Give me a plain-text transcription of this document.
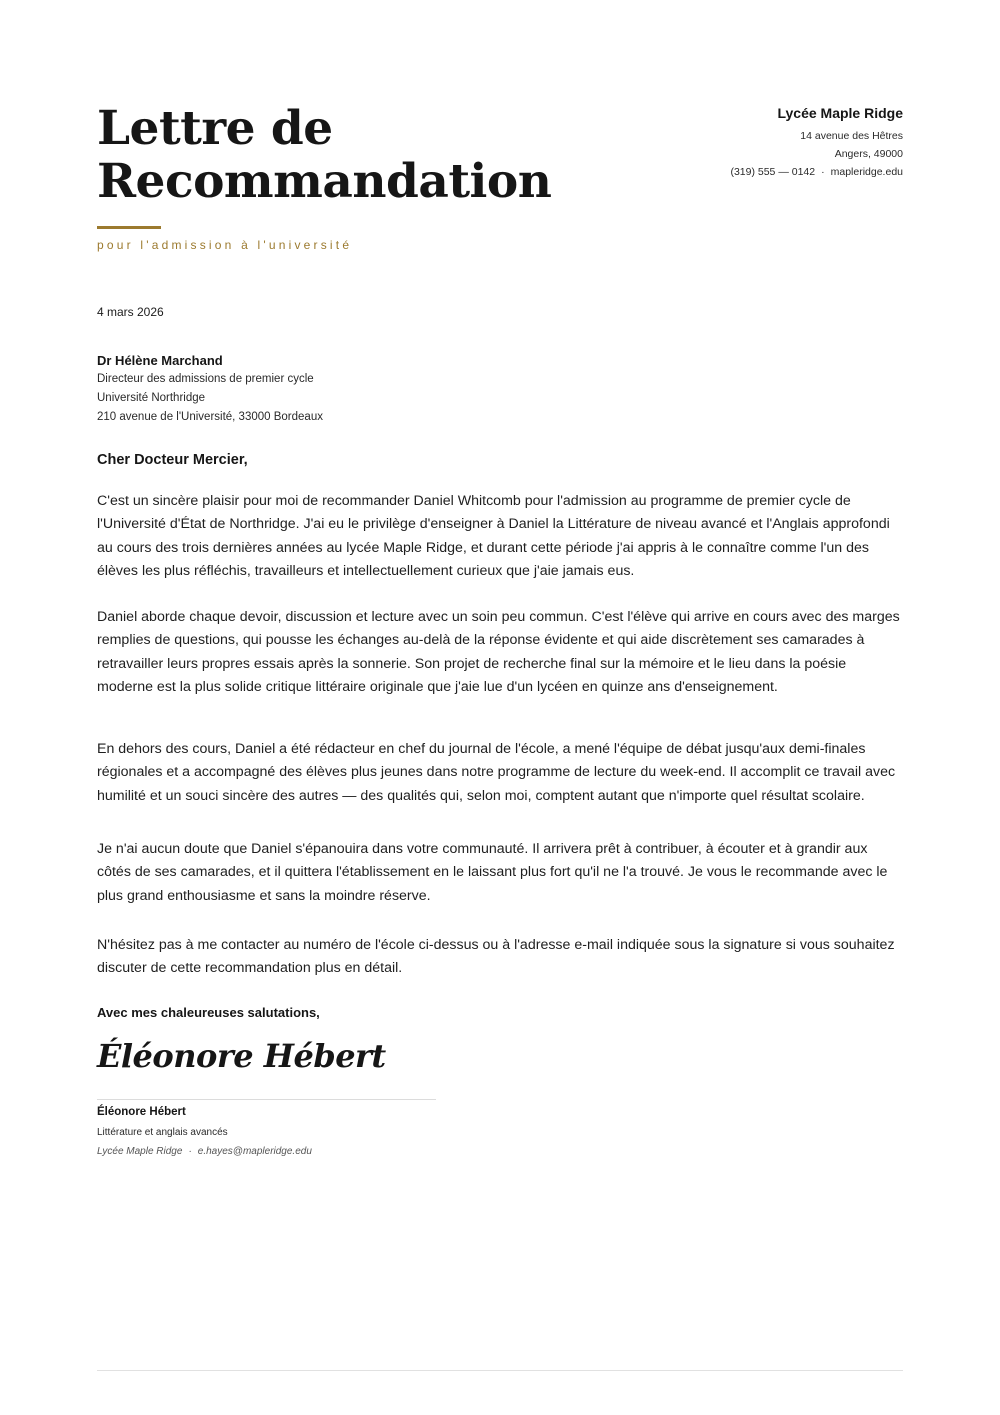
Lettre de
Recommandation
pour l'admission à l'université
Lycée Maple Ridge
14 avenue des Hêtres
Angers, 49000
(319) 555 — 0142 · mapleridge.edu
4 mars 2026
Dr Hélène Marchand
Directeur des admissions de premier cycle
Université Northridge
210 avenue de l'Université, 33000 Bordeaux
Cher Docteur Mercier,

C'est un sincère plaisir pour moi de recommander Daniel Whitcomb pour l'admission au programme de premier cycle de l'Université d'État de Northridge. J'ai eu le privilège d'enseigner à Daniel la Littérature de niveau avancé et l'Anglais approfondi au cours des trois dernières années au lycée Maple Ridge, et durant cette période j'ai appris à le connaître comme l'un des élèves les plus réfléchis, travailleurs et intellectuellement curieux que j'aie jamais eus.

Daniel aborde chaque devoir, discussion et lecture avec un soin peu commun. C'est l'élève qui arrive en cours avec des marges remplies de questions, qui pousse les échanges au-delà de la réponse évidente et qui aide discrètement ses camarades à retravailler leurs propres essais après la sonnerie. Son projet de recherche final sur la mémoire et le lieu dans la poésie moderne est la plus solide critique littéraire originale que j'aie lue d'un lycéen en quinze ans d'enseignement.

En dehors des cours, Daniel a été rédacteur en chef du journal de l'école, a mené l'équipe de débat jusqu'aux demi-finales régionales et a accompagné des élèves plus jeunes dans notre programme de lecture du week-end. Il accomplit ce travail avec humilité et un souci sincère des autres — des qualités qui, selon moi, comptent autant que n'importe quel résultat scolaire.

Je n'ai aucun doute que Daniel s'épanouira dans votre communauté. Il arrivera prêt à contribuer, à écouter et à grandir aux côtés de ses camarades, et il quittera l'établissement en le laissant plus fort qu'il ne l'a trouvé. Je vous le recommande avec le plus grand enthousiasme et sans la moindre réserve.

N'hésitez pas à me contacter au numéro de l'école ci-dessus ou à l'adresse e-mail indiquée sous la signature si vous souhaitez discuter de cette recommandation plus en détail.

Avec mes chaleureuses salutations,
Éléonore Hébert
Éléonore Hébert
Littérature et anglais avancés
Lycée Maple Ridge · e.hayes@mapleridge.edu
